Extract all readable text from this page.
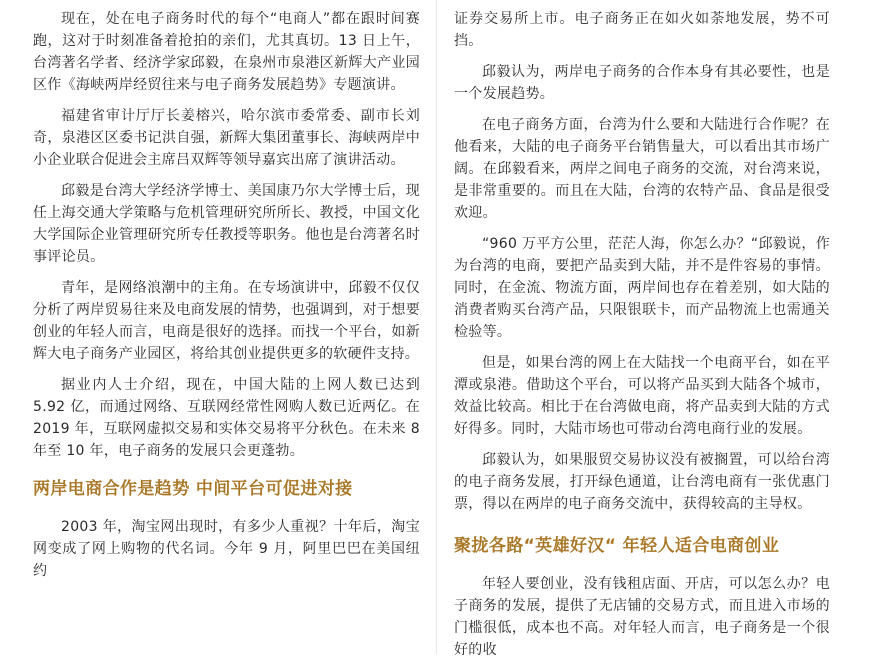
现在，处在电子商务时代的每个“电商人”都在跟时间赛跑，这对于时刻准备着抢拍的亲们，尤其真切。13 日上午，台湾著名学者、经济学家邱毅，在泉州市泉港区新辉大产业园区作《海峡两岸经贸往来与电子商务发展趋势》专题演讲。

福建省审计厅厅长姜榕兴，哈尔滨市委常委、副市长刘奇，泉港区区委书记洪自强，新辉大集团董事长、海峡两岸中小企业联合促进会主席吕双辉等领导嘉宾出席了演讲活动。

邱毅是台湾大学经济学博士、美国康乃尔大学博士后，现任上海交通大学策略与危机管理研究所所长、教授，中国文化大学国际企业管理研究所专任教授等职务。他也是台湾著名时事评论员。

青年，是网络浪潮中的主角。在专场演讲中，邱毅不仅仅分析了两岸贸易往来及电商发展的情势，也强调到，对于想要创业的年轻人而言，电商是很好的选择。而找一个平台，如新辉大电子商务产业园区，将给其创业提供更多的软硬件支持。

据业内人士介绍，现在，中国大陆的上网人数已达到 5.92 亿，而通过网络、互联网经常性网购人数已近两亿。在 2019 年，互联网虚拟交易和实体交易将平分秋色。在未来 8 年至 10 年，电子商务的发展只会更蓬勃。

两岸电商合作是趋势 中间平台可促进对接

2003 年，淘宝网出现时，有多少人重视？十年后，淘宝网变成了网上购物的代名词。今年 9 月，阿里巴巴在美国纽约

证券交易所上市。电子商务正在如火如荼地发展，势不可挡。

邱毅认为，两岸电子商务的合作本身有其必要性，也是一个发展趋势。

在电子商务方面，台湾为什么要和大陆进行合作呢？在他看来，大陆的电子商务平台销售量大，可以看出其市场广阔。在邱毅看来，两岸之间电子商务的交流，对台湾来说，是非常重要的。而且在大陆，台湾的农特产品、食品是很受欢迎。

“960 万平方公里，茫茫人海，你怎么办？“邱毅说，作为台湾的电商，要把产品卖到大陆，并不是件容易的事情。同时，在金流、物流方面，两岸间也存在着差别，如大陆的消费者购买台湾产品，只限银联卡，而产品物流上也需通关检验等。

但是，如果台湾的网上在大陆找一个电商平台，如在平潭或泉港。借助这个平台，可以将产品买到大陆各个城市，效益比较高。相比于在台湾做电商，将产品卖到大陆的方式好得多。同时，大陆市场也可带动台湾电商行业的发展。

邱毅认为，如果服贸交易协议没有被搁置，可以给台湾的电子商务发展，打开绿色通道，让台湾电商有一张优惠门票，得以在两岸的电子商务交流中，获得较高的主导权。

聚拢各路“英雄好汉“ 年轻人适合电商创业

年轻人要创业，没有钱租店面、开店，可以怎么办？电子商务的发展，提供了无店铺的交易方式，而且进入市场的门槛很低，成本也不高。对年轻人而言，电子商务是一个很好的收
